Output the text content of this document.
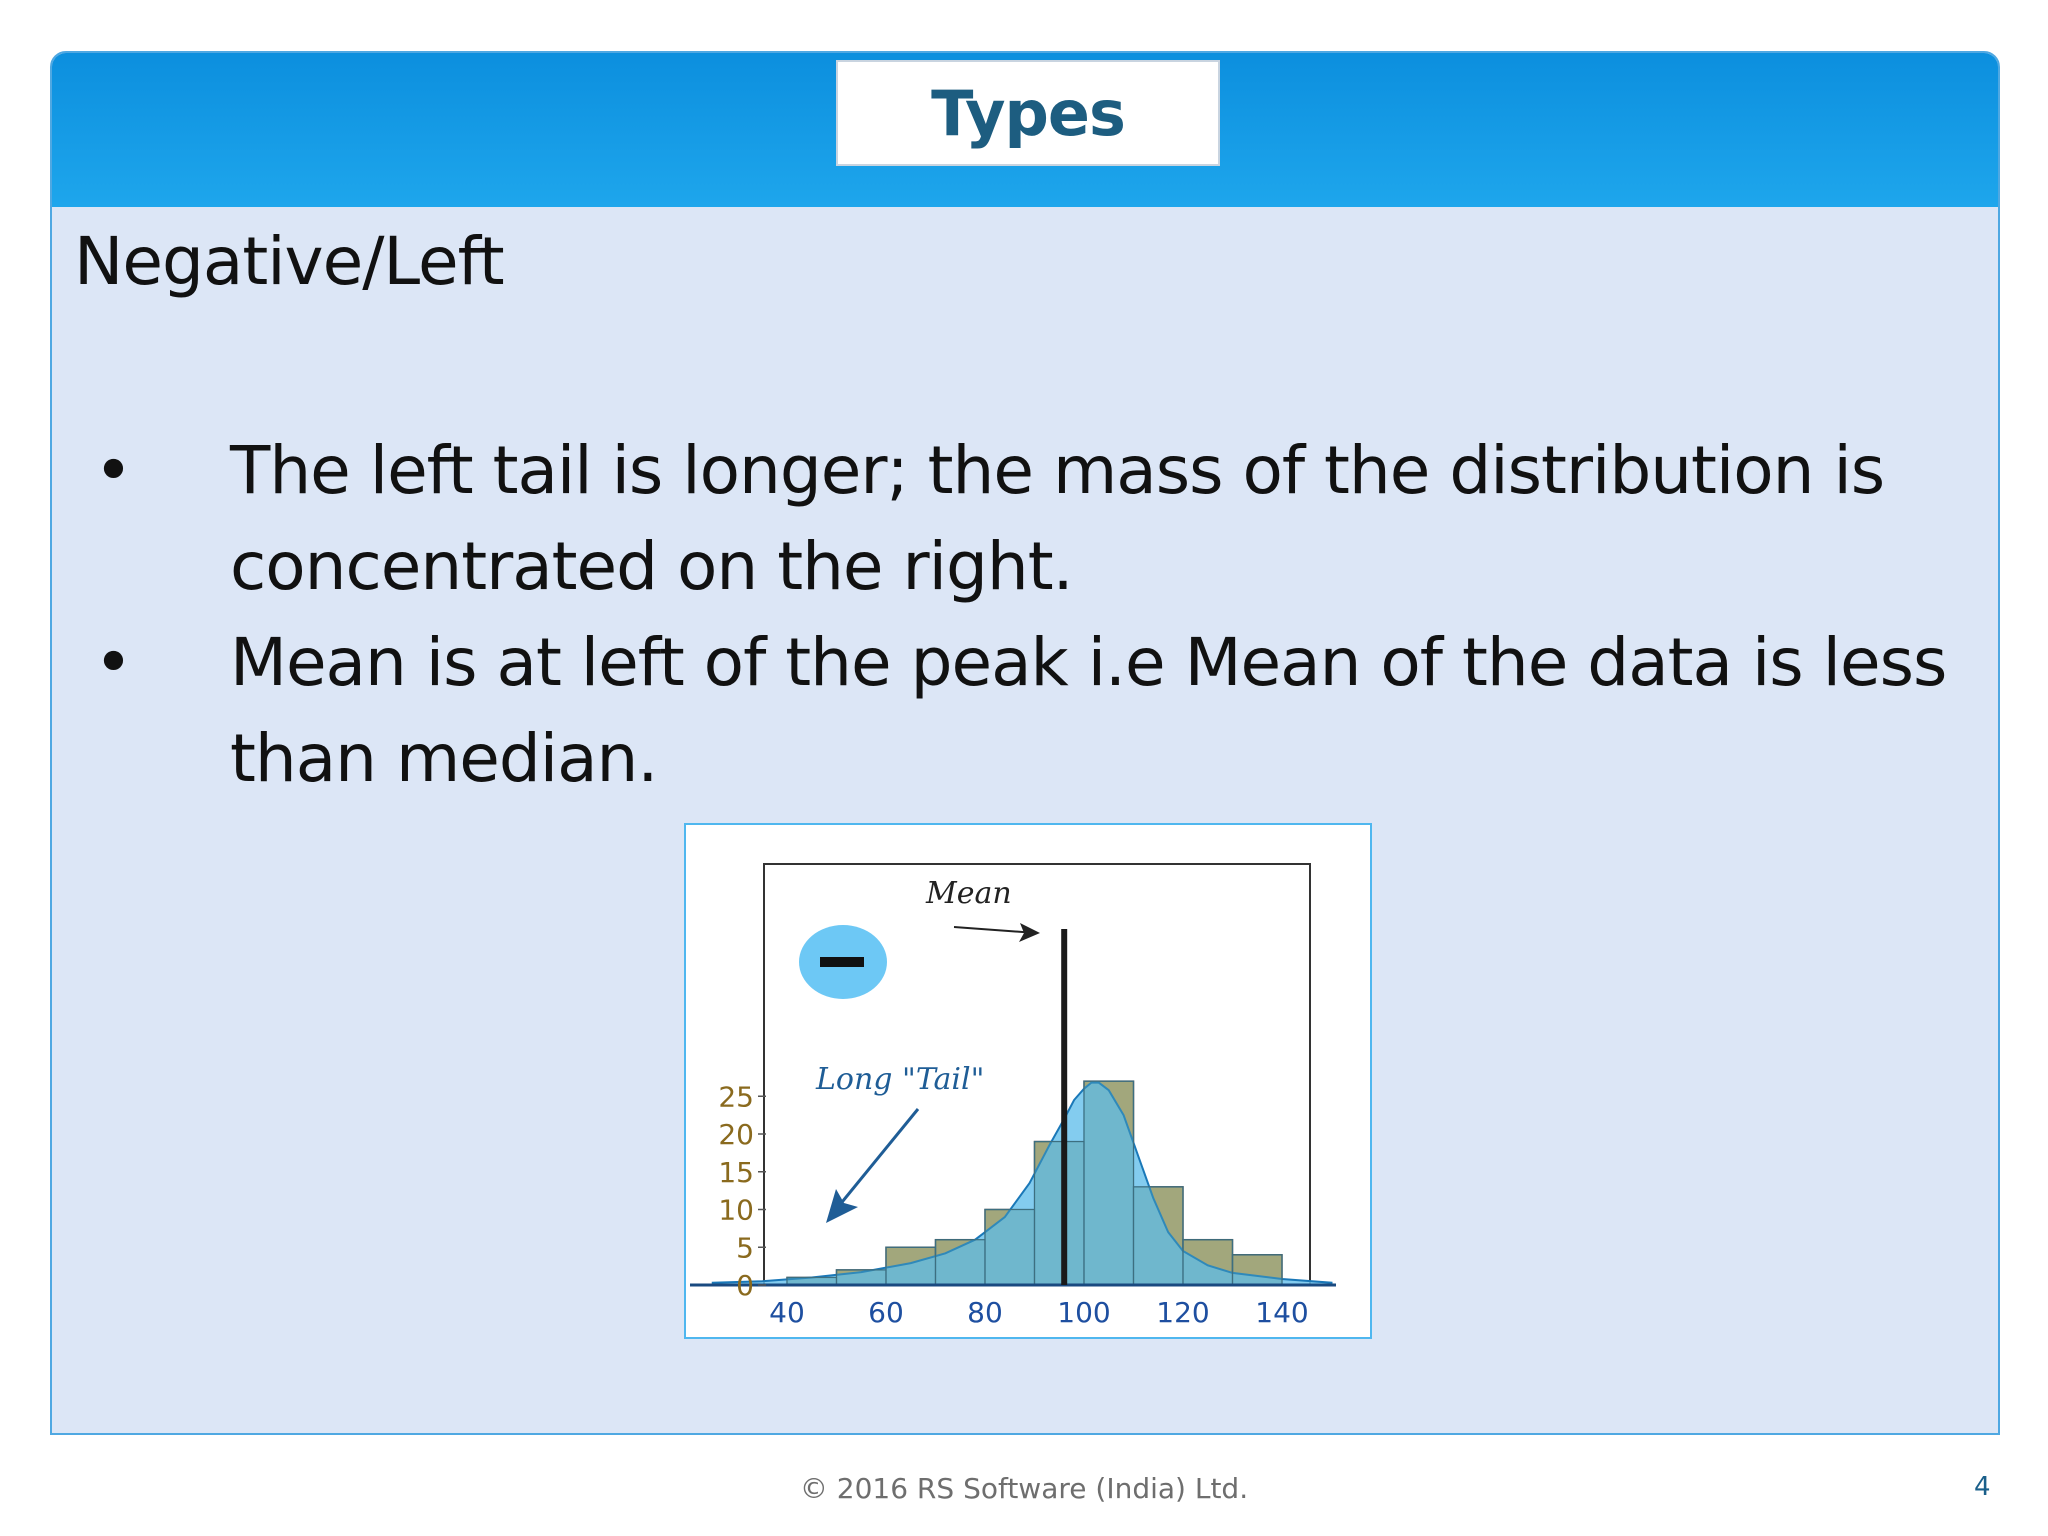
Types
Negative/Left
• The left tail is longer; the mass of the distribution is concentrated on the right.
• Mean is at left of the peak i.e Mean of the data is less than median.
0
5
10
15
20
25
40 60 80 100 120 140
Mean
Long "Tail"
© 2016 RS Software (India) Ltd.	4
